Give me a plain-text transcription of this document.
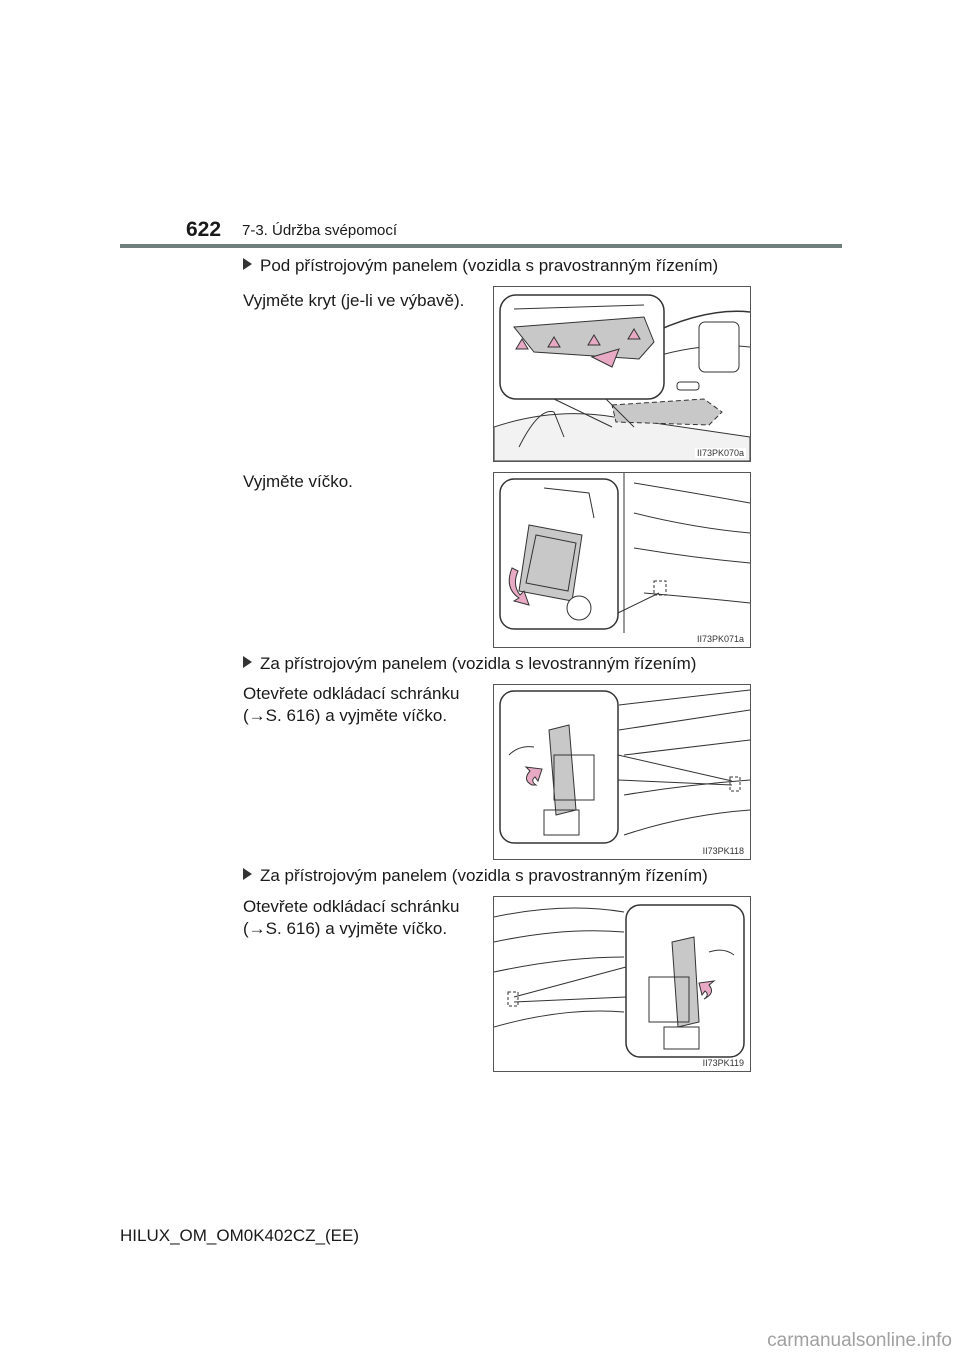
622 7-3. Údržba svépomocí
Pod přístrojovým panelem (vozidla s pravostranným řízením)
Vyjměte kryt (je-li ve výbavě).
II73PK070a
Vyjměte víčko.
II73PK071a
Za přístrojovým panelem (vozidla s levostranným řízením)
Otevřete odkládací schránku
(→S. 616) a vyjměte víčko.
II73PK118
Za přístrojovým panelem (vozidla s pravostranným řízením)
Otevřete odkládací schránku
(→S. 616) a vyjměte víčko.
II73PK119
HILUX_OM_OM0K402CZ_(EE)
carmanualsonline.info
